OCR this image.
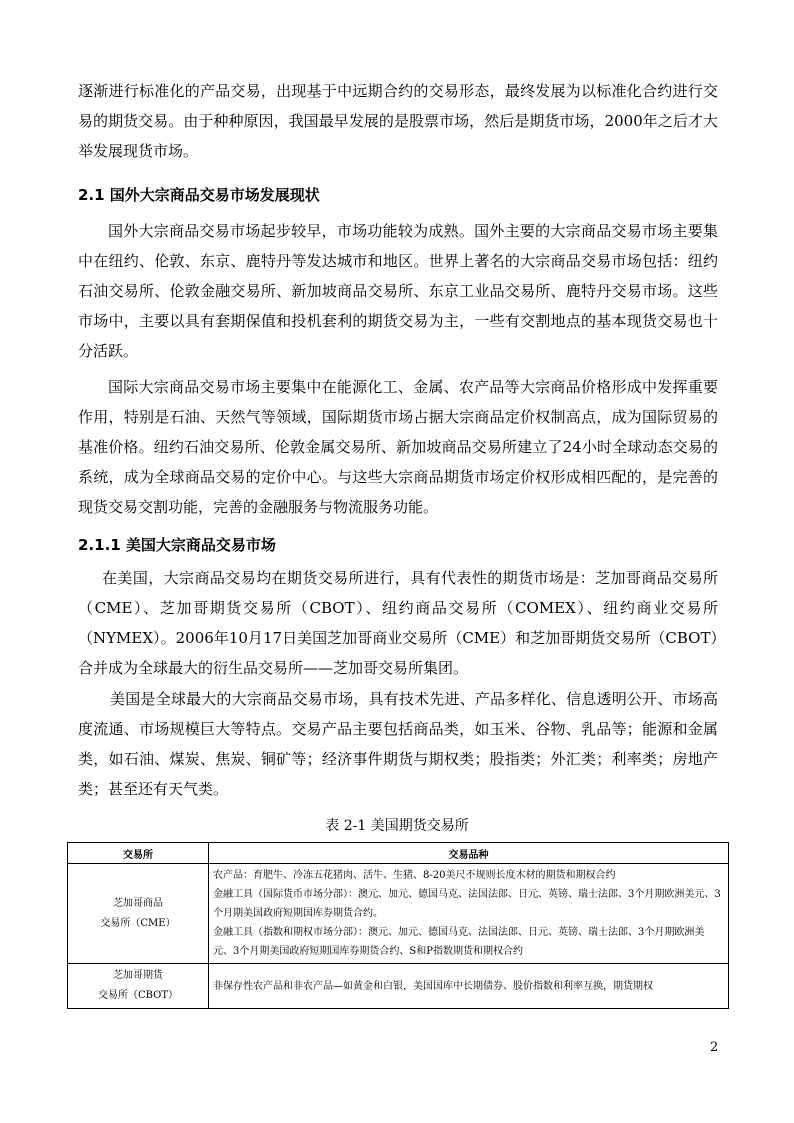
逐渐进行标准化的产品交易，出现基于中远期合约的交易形态，最终发展为以标准化合约进行交易的期货交易。由于种种原因，我国最早发展的是股票市场，然后是期货市场，2000年之后才大举发展现货市场。

2.1 国外大宗商品交易市场发展现状

国外大宗商品交易市场起步较早，市场功能较为成熟。国外主要的大宗商品交易市场主要集中在纽约、伦敦、东京、鹿特丹等发达城市和地区。世界上著名的大宗商品交易市场包括：纽约石油交易所、伦敦金融交易所、新加坡商品交易所、东京工业品交易所、鹿特丹交易市场。这些市场中，主要以具有套期保值和投机套利的期货交易为主，一些有交割地点的基本现货交易也十分活跃。

国际大宗商品交易市场主要集中在能源化工、金属、农产品等大宗商品价格形成中发挥重要作用，特别是石油、天然气等领域，国际期货市场占据大宗商品定价权制高点，成为国际贸易的基准价格。纽约石油交易所、伦敦金属交易所、新加坡商品交易所建立了24小时全球动态交易的系统，成为全球商品交易的定价中心。与这些大宗商品期货市场定价权形成相匹配的，是完善的现货交易交割功能，完善的金融服务与物流服务功能。

2.1.1 美国大宗商品交易市场

在美国，大宗商品交易均在期货交易所进行，具有代表性的期货市场是：芝加哥商品交易所（CME）、芝加哥期货交易所（CBOT）、纽约商品交易所（COMEX）、纽约商业交易所（NYMEX）。2006年10月17日美国芝加哥商业交易所（CME）和芝加哥期货交易所（CBOT）合并成为全球最大的衍生品交易所——芝加哥交易所集团。

美国是全球最大的大宗商品交易市场，具有技术先进、产品多样化、信息透明公开、市场高度流通、市场规模巨大等特点。交易产品主要包括商品类，如玉米、谷物、乳品等；能源和金属类，如石油、煤炭、焦炭、铜矿等；经济事件期货与期权类；股指类；外汇类；利率类；房地产类；甚至还有天气类。

表 2-1 美国期货交易所

交易所	交易品种

芝加哥商品
交易所（CME）	农产品：育肥牛、冷冻五花猪肉、活牛、生猪、8-20美尺不规则长度木材的期货和期权合约
金融工具（国际货币市场分部）：澳元、加元、德国马克、法国法郎、日元、英镑、瑞士法郎、3个月期欧洲美元、3个月期美国政府短期国库券期货合约。
金融工具（指数和期权市场分部）：澳元、加元、德国马克、法国法郎、日元、英镑、瑞士法郎、3个月期欧洲美元、3个月期美国政府短期国库券期货合约、S和P指数期货和期权合约

芝加哥期货
交易所（CBOT）	非保存性农产品和非农产品—如黄金和白银，美国国库中长期债券、股价指数和利率互换，期货期权
2
